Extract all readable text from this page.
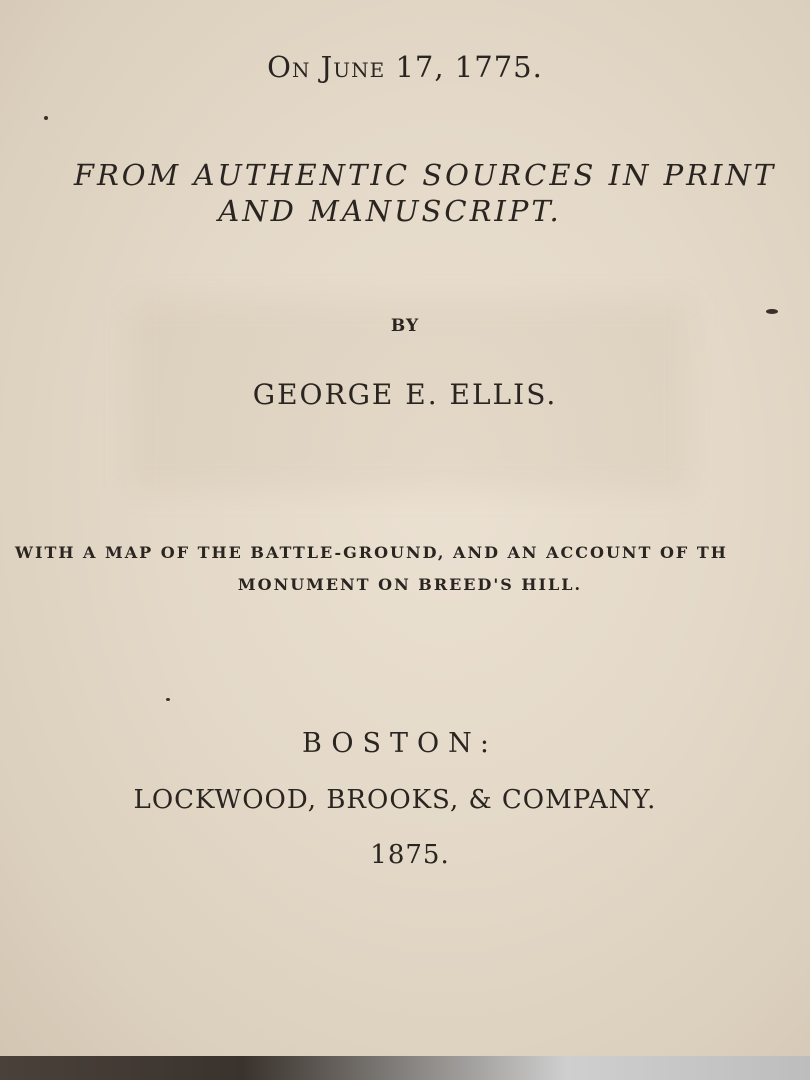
On June 17, 1775.
FROM AUTHENTIC SOURCES IN PRINT
AND MANUSCRIPT.
BY
GEORGE E. ELLIS.
WITH A MAP OF THE BATTLE-GROUND, AND AN ACCOUNT OF TH
MONUMENT ON BREED'S HILL.
BOSTON:
LOCKWOOD, BROOKS, & COMPANY.
1875.
